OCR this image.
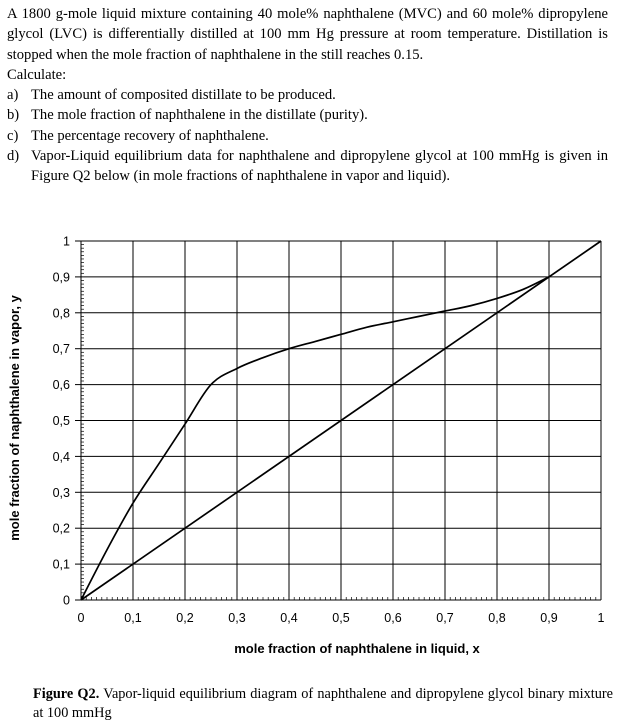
A 1800 g-mole liquid mixture containing 40 mole% naphthalene (MVC) and 60 mole% dipropylene glycol (LVC) is differentially distilled at 100 mm Hg pressure at room temperature. Distillation is stopped when the mole fraction of naphthalene in the still reaches 0.15.

Calculate:

a) The amount of composited distillate to be produced.
b) The mole fraction of naphthalene in the distillate (purity).
c) The percentage recovery of naphthalene.
d) Vapor-Liquid equilibrium data for naphthalene and dipropylene glycol at 100 mmHg is given in Figure Q2 below (in mole fractions of naphthalene in vapor and liquid).
0
0,1
0,2
0,3
0,4
0,5
0,6
0,7
0,8
0,9
1
0	0,1	0,2	0,3	0,4	0,5	0,6	0,7	0,8	0,9	1
mole fraction of naphthalene in liquid, x
mole fraction of naphthalene in vapor, y
Figure Q2. Vapor-liquid equilibrium diagram of naphthalene and dipropylene glycol binary mixture at 100 mmHg
